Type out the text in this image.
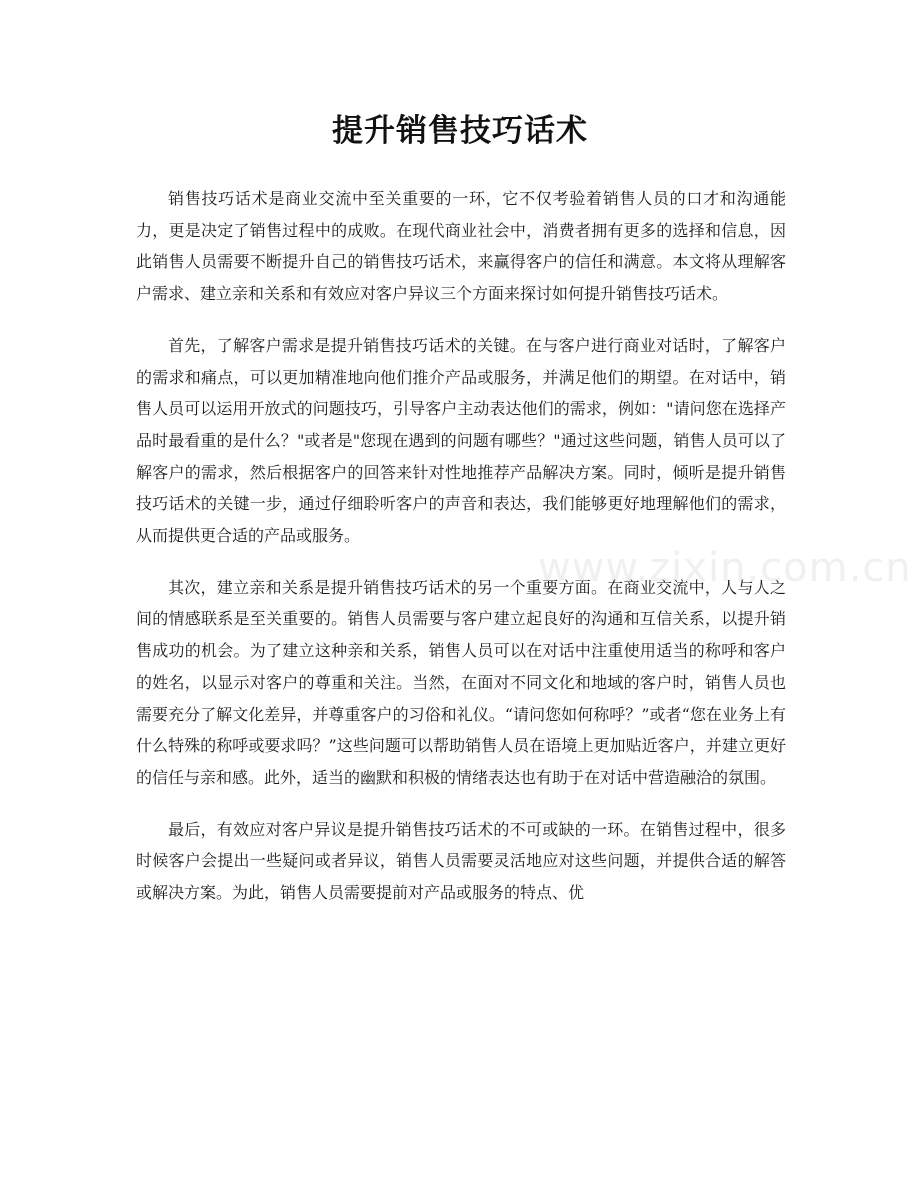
提升销售技巧话术

销售技巧话术是商业交流中至关重要的一环，它不仅考验着销售人员的口才和沟通能力，更是决定了销售过程中的成败。在现代商业社会中，消费者拥有更多的选择和信息，因此销售人员需要不断提升自己的销售技巧话术，来赢得客户的信任和满意。本文将从理解客户需求、建立亲和关系和有效应对客户异议三个方面来探讨如何提升销售技巧话术。

首先，了解客户需求是提升销售技巧话术的关键。在与客户进行商业对话时，了解客户的需求和痛点，可以更加精准地向他们推介产品或服务，并满足他们的期望。在对话中，销售人员可以运用开放式的问题技巧，引导客户主动表达他们的需求，例如："请问您在选择产品时最看重的是什么？"或者是"您现在遇到的问题有哪些？"通过这些问题，销售人员可以了解客户的需求，然后根据客户的回答来针对性地推荐产品解决方案。同时，倾听是提升销售技巧话术的关键一步，通过仔细聆听客户的声音和表达，我们能够更好地理解他们的需求，从而提供更合适的产品或服务。

其次，建立亲和关系是提升销售技巧话术的另一个重要方面。在商业交流中，人与人之间的情感联系是至关重要的。销售人员需要与客户建立起良好的沟通和互信关系，以提升销售成功的机会。为了建立这种亲和关系，销售人员可以在对话中注重使用适当的称呼和客户的姓名，以显示对客户的尊重和关注。当然，在面对不同文化和地域的客户时，销售人员也需要充分了解文化差异，并尊重客户的习俗和礼仪。“请问您如何称呼？”或者“您在业务上有什么特殊的称呼或要求吗？”这些问题可以帮助销售人员在语境上更加贴近客户，并建立更好的信任与亲和感。此外，适当的幽默和积极的情绪表达也有助于在对话中营造融洽的氛围。

最后，有效应对客户异议是提升销售技巧话术的不可或缺的一环。在销售过程中，很多时候客户会提出一些疑问或者异议，销售人员需要灵活地应对这些问题，并提供合适的解答或解决方案。为此，销售人员需要提前对产品或服务的特点、优

www.zixin.com.cn
